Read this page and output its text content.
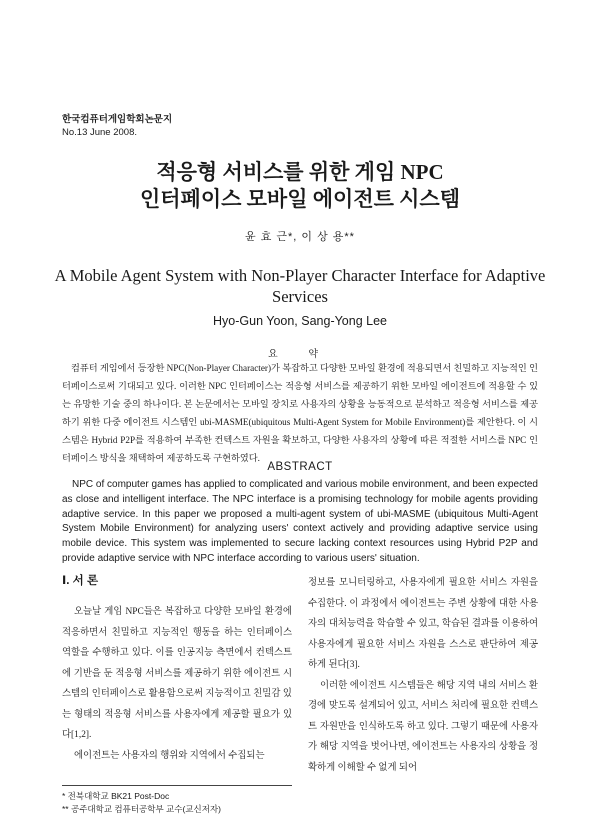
한국컴퓨터게임학회논문지
No.13 June 2008.
적응형 서비스를 위한 게임 NPC
인터페이스 모바일 에이전트 시스템
윤 효 근*, 이 상 용**
A Mobile Agent System with Non-Player Character Interface for Adaptive
Services
Hyo-Gun Yoon, Sang-Yong Lee
요 약

컴퓨터 게임에서 등장한 NPC(Non-Player Character)가 복잡하고 다양한 모바일 환경에 적용되면서 친밀하고 지능적인 인터페이스로써 기대되고 있다. 이러한 NPC 인터페이스는 적응형 서비스를 제공하기 위한 모바일 에이전트에 적용할 수 있는 유망한 기술 중의 하나이다. 본 논문에서는 모바일 장치로 사용자의 상황을 능동적으로 분석하고 적응형 서비스를 제공하기 위한 다중 에이전트 시스템인 ubi-MASME(ubiquitous Multi-Agent System for Mobile Environment)를 제안한다. 이 시스템은 Hybrid P2P를 적용하여 부족한 컨텍스트 자원을 확보하고, 다양한 사용자의 상황에 따른 적절한 서비스를 NPC 인터페이스 방식을 채택하여 제공하도록 구현하였다.

ABSTRACT

NPC of computer games has applied to complicated and various mobile environment, and been expected as close and intelligent interface. The NPC interface is a promising technology for mobile agents providing adaptive service. In this paper we proposed a multi-agent system of ubi-MASME (ubiquitous Multi-Agent System Mobile Environment) for analyzing users' context actively and providing adaptive service using mobile device. This system was implemented to secure lacking context resources using Hybrid P2P and provide adaptive service with NPC interface according to various users' situation.

Ⅰ. 서 론

오늘날 게임 NPC들은 복잡하고 다양한 모바일 환경에 적응하면서 친밀하고 지능적인 행동을 하는 인터페이스 역할을 수행하고 있다. 이를 인공지능 측면에서 컨텍스트에 기반을 둔 적응형 서비스를 제공하기 위한 에이전트 시스템의 인터페이스로 활용함으로써 지능적이고 친밀감 있는 형태의 적응형 서비스를 사용자에게 제공할 필요가 있다[1,2].

에이전트는 사용자의 행위와 지역에서 수집되는

정보를 모니터링하고, 사용자에게 필요한 서비스 자원을 수집한다. 이 과정에서 에이전트는 주변 상황에 대한 사용자의 대처능력을 학습할 수 있고, 학습된 결과를 이용하여 사용자에게 필요한 서비스 자원을 스스로 판단하여 제공하게 된다[3].

이러한 에이전트 시스템들은 해당 지역 내의 서비스 환경에 맞도록 설계되어 있고, 서비스 처리에 필요한 컨텍스트 자원만을 인식하도록 하고 있다. 그렇기 때문에 사용자가 해당 지역을 벗어나면, 에이전트는 사용자의 상황을 정확하게 이해할 수 없게 되어

* 전북대학교 BK21 Post-Doc
** 공주대학교 컴퓨터공학부 교수(교신저자)
